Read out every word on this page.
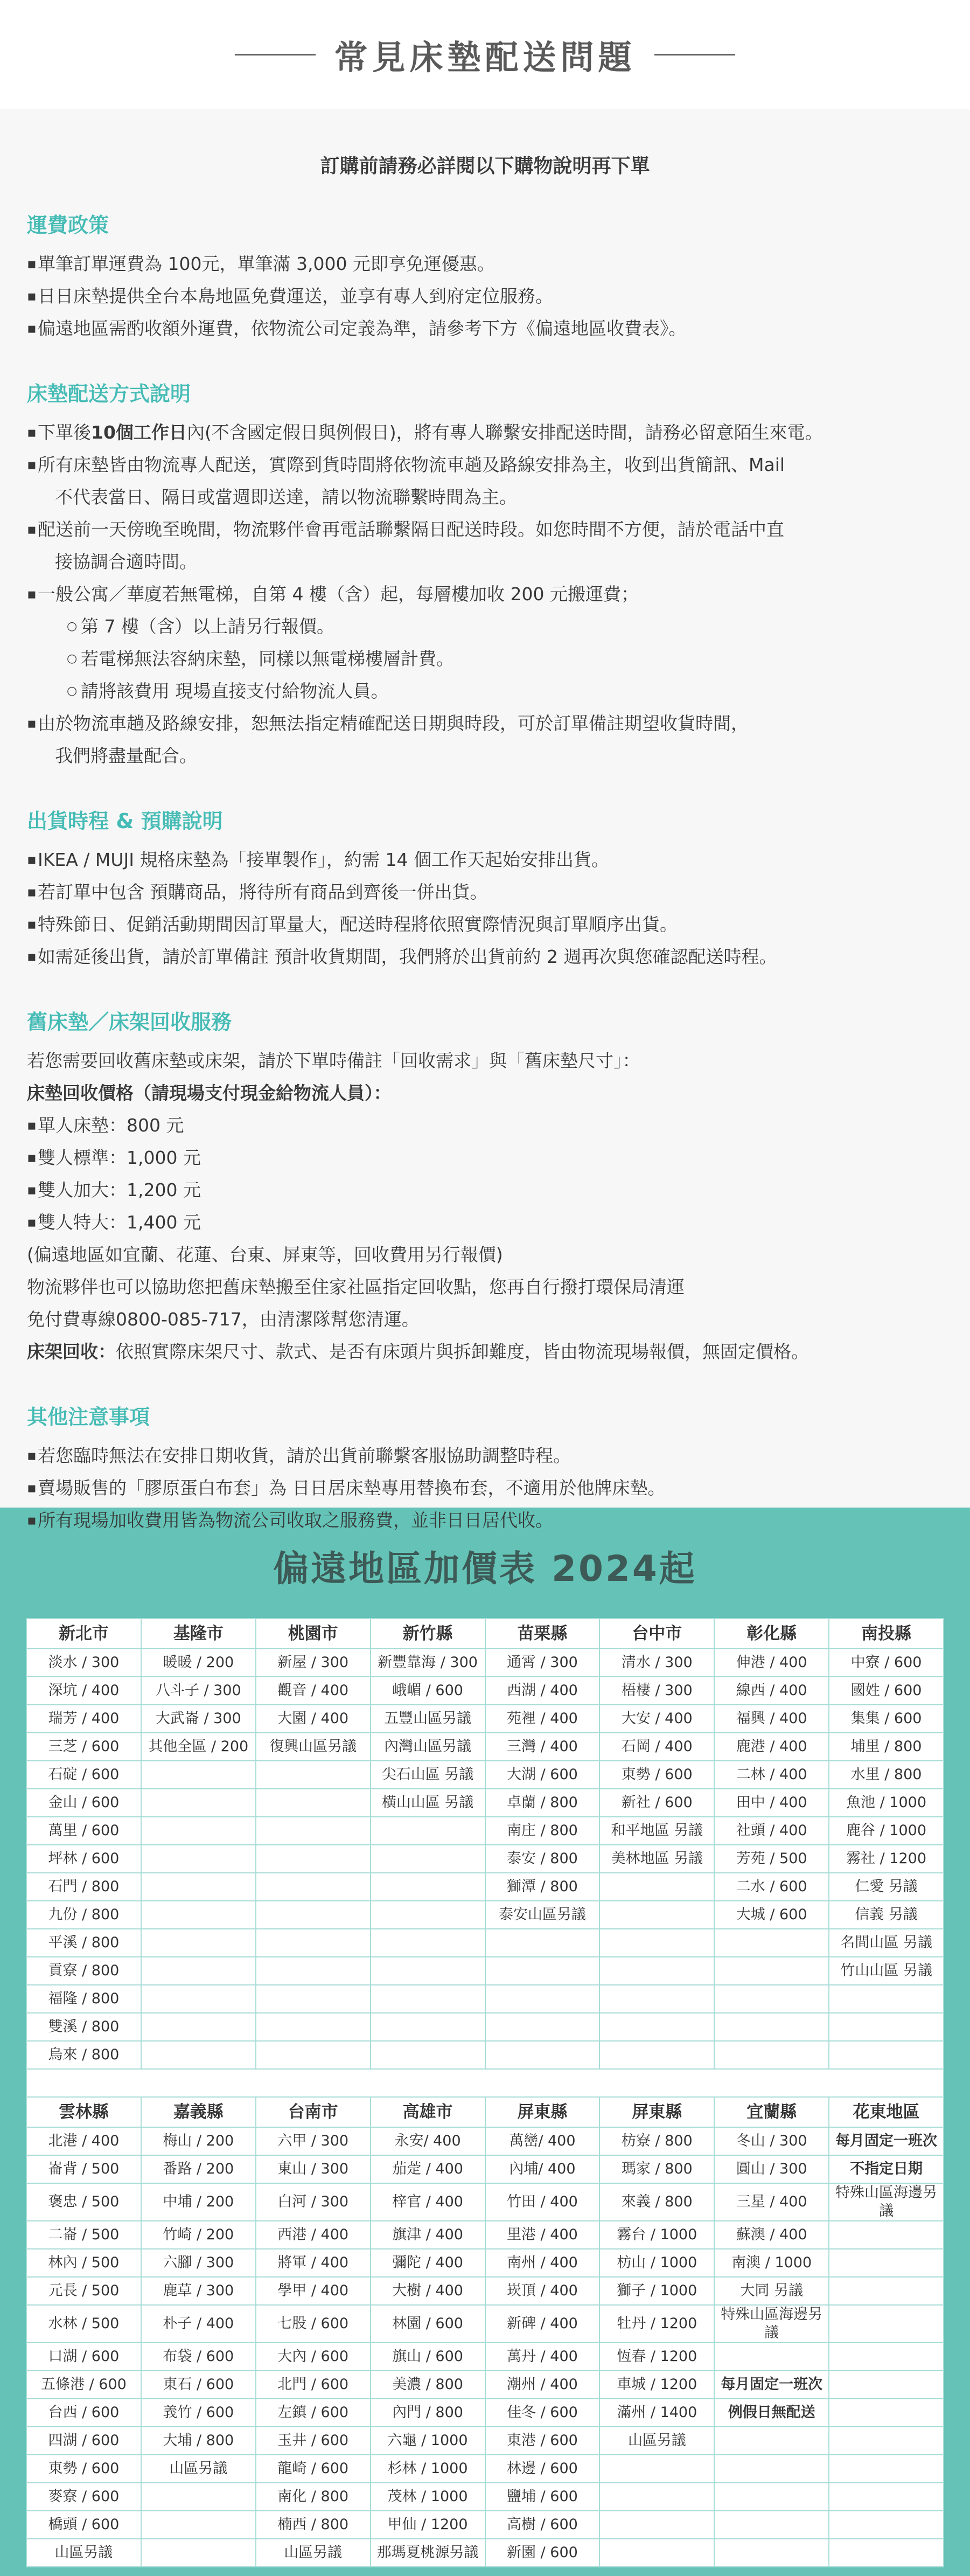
常見床墊配送問題
訂購前請務必詳閱以下購物說明再下單
運費政策
▪ 單筆訂單運費為 100元，單筆滿 3,000 元即享免運優惠。
▪ 日日床墊提供全台本島地區免費運送，並享有專人到府定位服務。
▪ 偏遠地區需酌收額外運費，依物流公司定義為準，請參考下方《偏遠地區收費表》。
床墊配送方式說明
▪ 下單後10個工作日內(不含國定假日與例假日)，將有專人聯繫安排配送時間，請務必留意陌生來電。
▪ 所有床墊皆由物流專人配送，實際到貨時間將依物流車趟及路線安排為主，收到出貨簡訊、Mail
不代表當日、隔日或當週即送達，請以物流聯繫時間為主。
▪ 配送前一天傍晚至晚間，物流夥伴會再電話聯繫隔日配送時段。如您時間不方便，請於電話中直
接協調合適時間。
▪ 一般公寓／華廈若無電梯，自第 4 樓（含）起，每層樓加收 200 元搬運費；
○ 第 7 樓（含）以上請另行報價。
○ 若電梯無法容納床墊，同樣以無電梯樓層計費。
○ 請將該費用 現場直接支付給物流人員。
▪ 由於物流車趟及路線安排，恕無法指定精確配送日期與時段，可於訂單備註期望收貨時間，
我們將盡量配合。
出貨時程 & 預購說明
▪ IKEA / MUJI 規格床墊為「接單製作」，約需 14 個工作天起始安排出貨。
▪ 若訂單中包含 預購商品，將待所有商品到齊後一併出貨。
▪ 特殊節日、促銷活動期間因訂單量大，配送時程將依照實際情況與訂單順序出貨。
▪ 如需延後出貨，請於訂單備註 預計收貨期間，我們將於出貨前約 2 週再次與您確認配送時程。
舊床墊／床架回收服務

若您需要回收舊床墊或床架，請於下單時備註「回收需求」與「舊床墊尺寸」：

床墊回收價格（請現場支付現金給物流人員）：

▪ 單人床墊：800 元
▪ 雙人標準：1,000 元
▪ 雙人加大：1,200 元
▪ 雙人特大：1,400 元

(偏遠地區如宜蘭、花蓮、台東、屏東等，回收費用另行報價)

物流夥伴也可以協助您把舊床墊搬至住家社區指定回收點，您再自行撥打環保局清運

免付費專線0800-085-717，由清潔隊幫您清運。

床架回收：依照實際床架尺寸、款式、是否有床頭片與拆卸難度，皆由物流現場報價，無固定價格。

其他注意事項
▪ 若您臨時無法在安排日期收貨，請於出貨前聯繫客服協助調整時程。
▪ 賣場販售的「膠原蛋白布套」為 日日居床墊專用替換布套，不適用於他牌床墊。
▪ 所有現場加收費用皆為物流公司收取之服務費，並非日日居代收。
偏遠地區加價表 2024起
新北市	基隆市	桃園市	新竹縣	苗栗縣	台中市	彰化縣	南投縣
淡水 / 300	暖暖 / 200	新屋 / 300	新豐靠海 / 300	通霄 / 300	清水 / 300	伸港 / 400	中寮 / 600
深坑 / 400	八斗子 / 300	觀音 / 400	峨嵋 / 600	西湖 / 400	梧棲 / 300	線西 / 400	國姓 / 600
瑞芳 / 400	大武崙 / 300	大園 / 400	五豐山區另議	苑裡 / 400	大安 / 400	福興 / 400	集集 / 600
三芝 / 600	其他全區 / 200	復興山區另議	內灣山區另議	三灣 / 400	石岡 / 400	鹿港 / 400	埔里 / 800
石碇 / 600			尖石山區 另議	大湖 / 600	東勢 / 600	二林 / 400	水里 / 800
金山 / 600			橫山山區 另議	卓蘭 / 800	新社 / 600	田中 / 400	魚池 / 1000
萬里 / 600				南庄 / 800	和平地區 另議	社頭 / 400	鹿谷 / 1000
坪林 / 600				泰安 / 800	美林地區 另議	芳苑 / 500	霧社 / 1200
石門 / 800				獅潭 / 800		二水 / 600	仁愛 另議
九份 / 800				泰安山區另議		大城 / 600	信義 另議
平溪 / 800							名間山區 另議
貢寮 / 800							竹山山區 另議
福隆 / 800							
雙溪 / 800							
烏來 / 800							

雲林縣	嘉義縣	台南市	高雄市	屏東縣	屏東縣	宜蘭縣	花東地區
北港 / 400	梅山 / 200	六甲 / 300	永安/ 400	萬巒/ 400	枋寮 / 800	冬山 / 300	每月固定一班次
崙背 / 500	番路 / 200	東山 / 300	茄萣 / 400	內埔/ 400	瑪家 / 800	圓山 / 300	不指定日期
褒忠 / 500	中埔 / 200	白河 / 300	梓官 / 400	竹田 / 400	來義 / 800	三星 / 400	特殊山區海邊另議
二崙 / 500	竹崎 / 200	西港 / 400	旗津 / 400	里港 / 400	霧台 / 1000	蘇澳 / 400	
林內 / 500	六腳 / 300	將軍 / 400	彌陀 / 400	南州 / 400	枋山 / 1000	南澳 / 1000	
元長 / 500	鹿草 / 300	學甲 / 400	大樹 / 400	崁頂 / 400	獅子 / 1000	大同 另議	
水林 / 500	朴子 / 400	七股 / 600	林園 / 600	新碑 / 400	牡丹 / 1200	特殊山區海邊另議	
口湖 / 600	布袋 / 600	大內 / 600	旗山 / 600	萬丹 / 400	恆春 / 1200		
五條港 / 600	東石 / 600	北門 / 600	美濃 / 800	潮州 / 400	車城 / 1200	每月固定一班次	
台西 / 600	義竹 / 600	左鎮 / 600	內門 / 800	佳冬 / 600	滿州 / 1400	例假日無配送	
四湖 / 600	大埔 / 800	玉井 / 600	六龜 / 1000	東港 / 600	山區另議		
東勢 / 600	山區另議	龍崎 / 600	杉林 / 1000	林邊 / 600			
麥寮 / 600		南化 / 800	茂林 / 1000	鹽埔 / 600			
橋頭 / 600		楠西 / 800	甲仙 / 1200	高樹 / 600			
山區另議		山區另議	那瑪夏桃源另議	新園 / 600			
